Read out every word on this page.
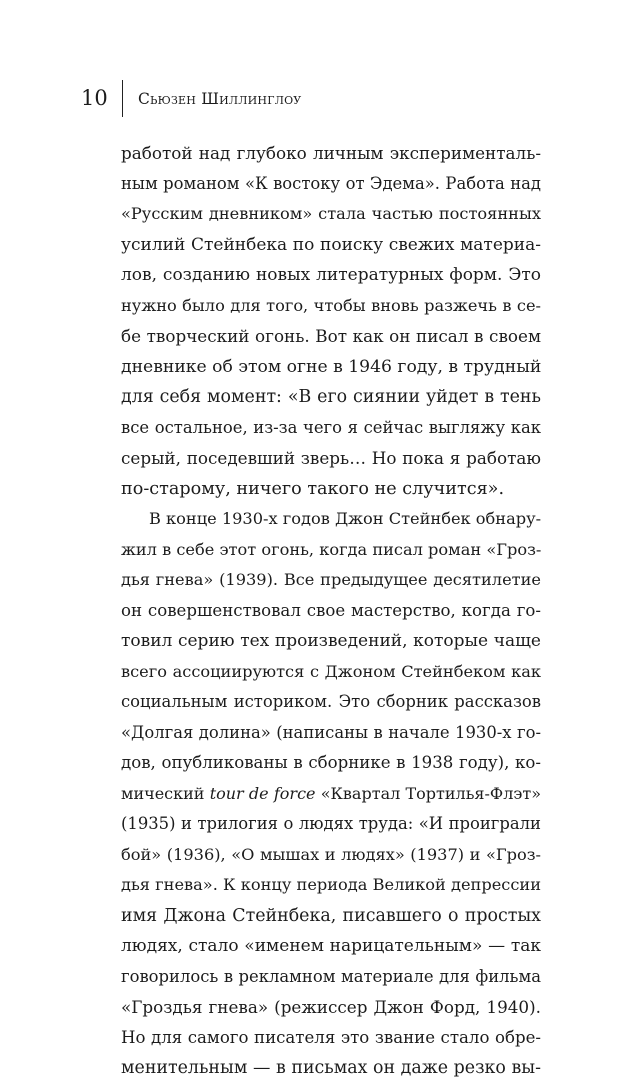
10 Сьюзен Шиллинглоу
работой над глубоко личным эксперименталь-
ным романом «К востоку от Эдема». Работа над
«Русским дневником» стала частью постоянных
усилий Стейнбека по поиску свежих материа-
лов, созданию новых литературных форм. Это
нужно было для того, чтобы вновь разжечь в се-
бе творческий огонь. Вот как он писал в своем
дневнике об этом огне в 1946 году, в трудный
для себя момент: «В его сиянии уйдет в тень
все остальное, из-за чего я сейчас выгляжу как
серый, поседевший зверь… Но пока я работаю
по-старому, ничего такого не случится».
В конце 1930-х годов Джон Стейнбек обнару-
жил в себе этот огонь, когда писал роман «Гроз-
дья гнева» (1939). Все предыдущее десятилетие
он совершенствовал свое мастерство, когда го-
товил серию тех произведений, которые чаще
всего ассоциируются с Джоном Стейнбеком как
социальным историком. Это сборник рассказов
«Долгая долина» (написаны в начале 1930-х го-
дов, опубликованы в сборнике в 1938 году), ко-
мический tour de force «Квартал Тортилья-Флэт»
(1935) и трилогия о людях труда: «И проиграли
бой» (1936), «О мышах и людях» (1937) и «Гроз-
дья гнева». К концу периода Великой депрессии
имя Джона Стейнбека, писавшего о простых
людях, стало «именем нарицательным» — так
говорилось в рекламном материале для фильма
«Гроздья гнева» (режиссер Джон Форд, 1940).
Но для самого писателя это звание стало обре-
менительным — в письмах он даже резко вы-
